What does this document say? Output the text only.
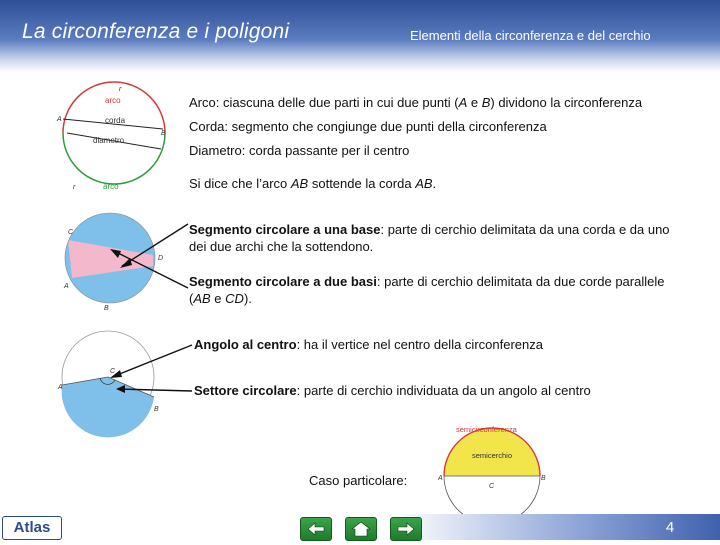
La circonferenza e i poligoni	Elementi della circonferenza e del cerchio
arco
corda
diametro
arco
A
B
r
r
C
D
A
B
C
A
B
semicirconferenza
semicerchio
A	B
C
Arco: ciascuna delle due parti in cui due punti (A e B) dividono la circonferenza
Corda: segmento che congiunge due punti della circonferenza
Diametro: corda passante per il centro
Si dice che l’arco AB sottende la corda AB.
Segmento circolare a una base: parte di cerchio delimitata da una corda e da uno dei due archi che la sottendono.
Segmento circolare a due basi: parte di cerchio delimitata da due corde parallele (AB e CD).
Angolo al centro: ha il vertice nel centro della circonferenza
Settore circolare: parte di cerchio individuata da un angolo al centro
Caso particolare:
Atlas	4
